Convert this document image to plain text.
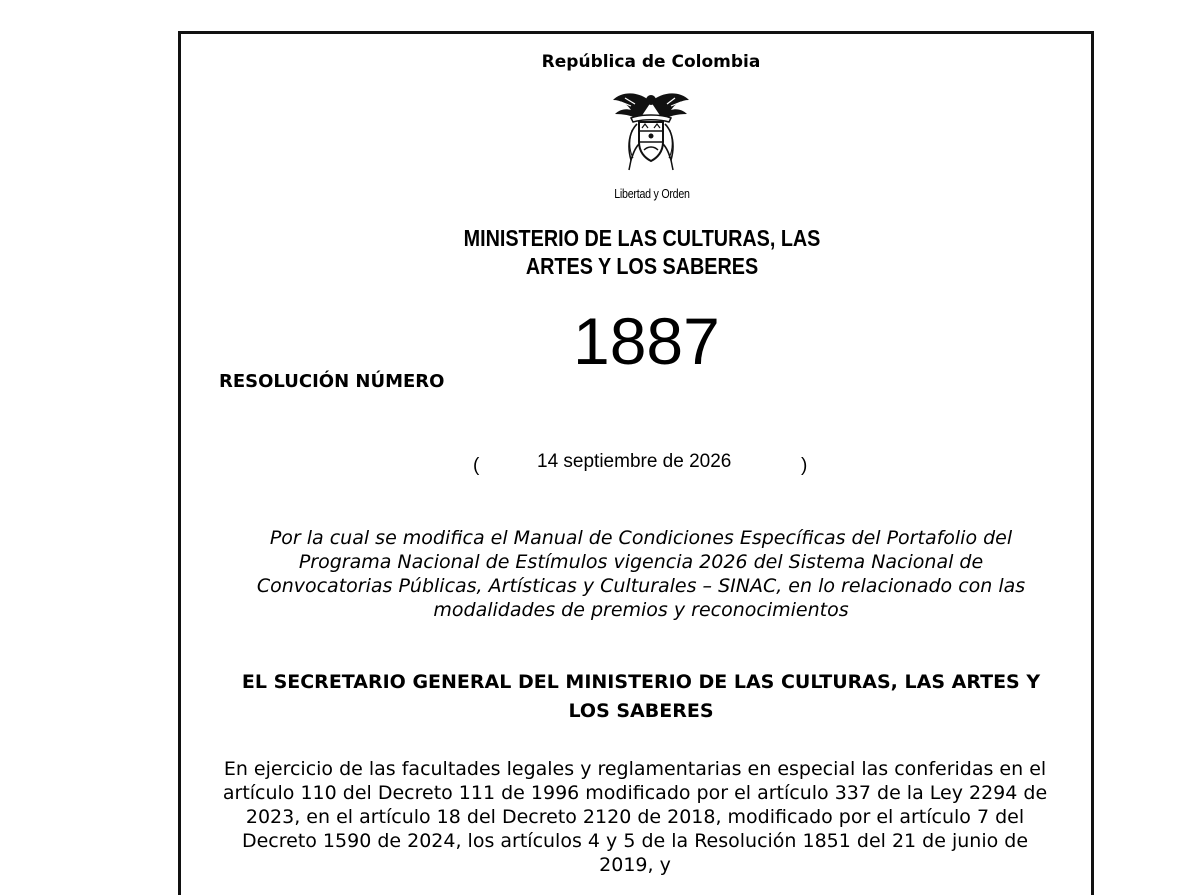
República de Colombia
Libertad y Orden
MINISTERIO DE LAS CULTURAS, LAS
ARTES Y LOS SABERES
RESOLUCIÓN NÚMERO
1887
(	14 septiembre de 2026	)
Por la cual se modifica el Manual de Condiciones Específicas del Portafolio del
Programa Nacional de Estímulos vigencia 2026 del Sistema Nacional de
Convocatorias Públicas, Artísticas y Culturales – SINAC, en lo relacionado con las
modalidades de premios y reconocimientos
EL SECRETARIO GENERAL DEL MINISTERIO DE LAS CULTURAS, LAS ARTES Y
LOS SABERES
En ejercicio de las facultades legales y reglamentarias en especial las conferidas en el
artículo 110 del Decreto 111 de 1996 modificado por el artículo 337 de la Ley 2294 de
2023, en el artículo 18 del Decreto 2120 de 2018, modificado por el artículo 7 del
Decreto 1590 de 2024, los artículos 4 y 5 de la Resolución 1851 del 21 de junio de
2019, y
